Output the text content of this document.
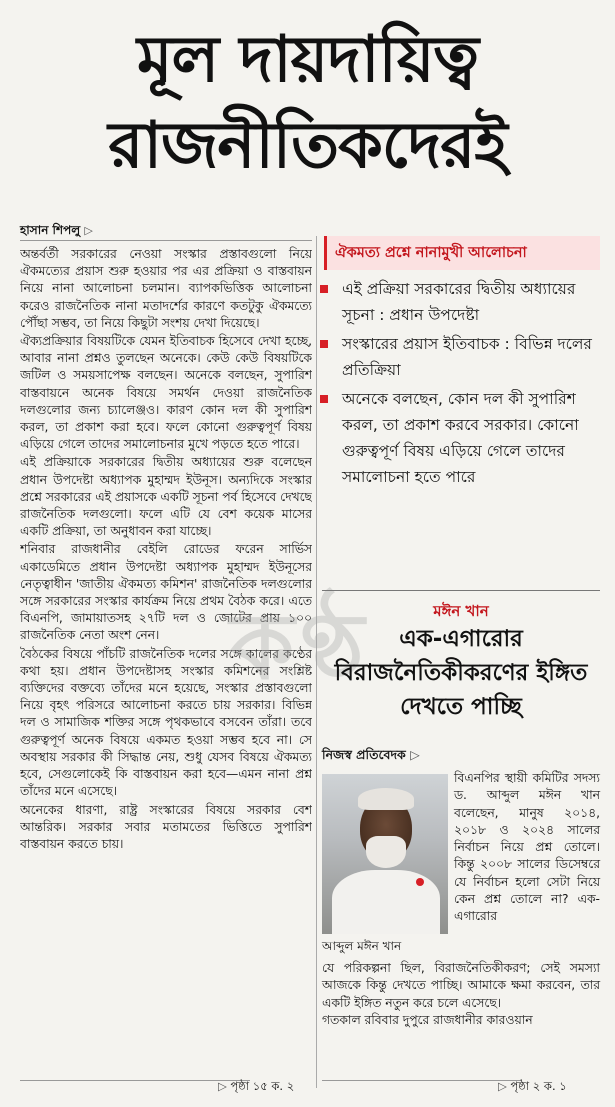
মূল দায়দায়িত্ব
রাজনীতিকদেরই
হাসান শিপলু ▷

অন্তর্বর্তী সরকারের নেওয়া সংস্কার প্রস্তাবগুলো নিয়ে ঐকমত্যের প্রয়াস শুরু হওয়ার পর এর প্রক্রিয়া ও বাস্তবায়ন নিয়ে নানা আলোচনা চলমান। ব্যাপকভিত্তিক আলোচনা করেও রাজনৈতিক নানা মতাদর্শের কারণে কতটুকু ঐকমত্যে পৌঁছা সম্ভব, তা নিয়ে কিছুটা সংশয় দেখা দিয়েছে।

ঐক্যপ্রক্রিয়ার বিষয়টিকে যেমন ইতিবাচক হিসেবে দেখা হচ্ছে, আবার নানা প্রশ্নও তুলছেন অনেকে। কেউ কেউ বিষয়টিকে জটিল ও সময়সাপেক্ষ বলছেন। অনেকে বলছেন, সুপারিশ বাস্তবায়নে অনেক বিষয়ে সমর্থন দেওয়া রাজনৈতিক দলগুলোর জন্য চ্যালেঞ্জও। কারণ কোন দল কী সুপারিশ করল, তা প্রকাশ করা হবে। ফলে কোনো গুরুত্বপূর্ণ বিষয় এড়িয়ে গেলে তাদের সমালোচনার মুখে পড়তে হতে পারে।

এই প্রক্রিয়াকে সরকারের দ্বিতীয় অধ্যায়ের শুরু বলেছেন প্রধান উপদেষ্টা অধ্যাপক মুহাম্মদ ইউনূস। অন্যদিকে সংস্কার প্রশ্নে সরকারের এই প্রয়াসকে একটি সূচনা পর্ব হিসেবে দেখছে রাজনৈতিক দলগুলো। ফলে এটি যে বেশ কয়েক মাসের একটি প্রক্রিয়া, তা অনুধাবন করা যাচ্ছে।

শনিবার রাজধানীর বেইলি রোডের ফরেন সার্ভিস একাডেমিতে প্রধান উপদেষ্টা অধ্যাপক মুহাম্মদ ইউনূসের নেতৃত্বাধীন 'জাতীয় ঐকমত্য কমিশন' রাজনৈতিক দলগুলোর সঙ্গে সরকারের সংস্কার কার্যক্রম নিয়ে প্রথম বৈঠক করে। এতে বিএনপি, জামায়াতসহ ২৭টি দল ও জোটের প্রায় ১০০ রাজনৈতিক নেতা অংশ নেন।

বৈঠকের বিষয়ে পাঁচটি রাজনৈতিক দলের সঙ্গে কালের কণ্ঠের কথা হয়। প্রধান উপদেষ্টাসহ সংস্কার কমিশনের সংশ্লিষ্ট ব্যক্তিদের বক্তব্যে তাঁদের মনে হয়েছে, সংস্কার প্রস্তাবগুলো নিয়ে বৃহৎ পরিসরে আলোচনা করতে চায় সরকার। বিভিন্ন দল ও সামাজিক শক্তির সঙ্গে পৃথকভাবে বসবেন তাঁরা। তবে গুরুত্বপূর্ণ অনেক বিষয়ে একমত হওয়া সম্ভব হবে না। সে অবস্থায় সরকার কী সিদ্ধান্ত নেয়, শুধু যেসব বিষয়ে ঐকমত্য হবে, সেগুলোকেই কি বাস্তবায়ন করা হবে—এমন নানা প্রশ্ন তাঁদের মনে এসেছে।

অনেকের ধারণা, রাষ্ট্র সংস্কারের বিষয়ে সরকার বেশ আন্তরিক। সরকার সবার মতামতের ভিত্তিতে সুপারিশ বাস্তবায়ন করতে চায়।

▷ পৃষ্ঠা ১৫ ক. ২
কণ্ঠ
ঐকমত্য প্রশ্নে নানামুখী আলোচনা
এই প্রক্রিয়া সরকারের দ্বিতীয় অধ্যায়ের সূচনা : প্রধান উপদেষ্টা
সংস্কারের প্রয়াস ইতিবাচক : বিভিন্ন দলের প্রতিক্রিয়া
অনেকে বলছেন, কোন দল কী সুপারিশ করল, তা প্রকাশ করবে সরকার। কোনো গুরুত্বপূর্ণ বিষয় এড়িয়ে গেলে তাদের সমালোচনা হতে পারে
মঈন খান
এক-এগারোর বিরাজনৈতিকীকরণের ইঙ্গিত দেখতে পাচ্ছি
নিজস্ব প্রতিবেদক ▷
আব্দুল মঈন খান
বিএনপির স্থায়ী কমিটির সদস্য ড. আব্দুল মঈন খান বলেছেন, মানুষ ২০১৪, ২০১৮ ও ২০২৪ সালের নির্বাচন নিয়ে প্রশ্ন তোলে। কিন্তু ২০০৮ সালের ডিসেম্বরে যে নির্বাচন হলো সেটা নিয়ে কেন প্রশ্ন তোলে না? এক-এগারোর
যে পরিকল্পনা ছিল, বিরাজনৈতিকীকরণ; সেই সমস্যা আজকে কিন্তু দেখতে পাচ্ছি। আমাকে ক্ষমা করবেন, তার একটি ইঙ্গিত নতুন করে চলে এসেছে।
গতকাল রবিবার দুপুরে রাজধানীর কারওয়ান
▷ পৃষ্ঠা ২ ক. ১
